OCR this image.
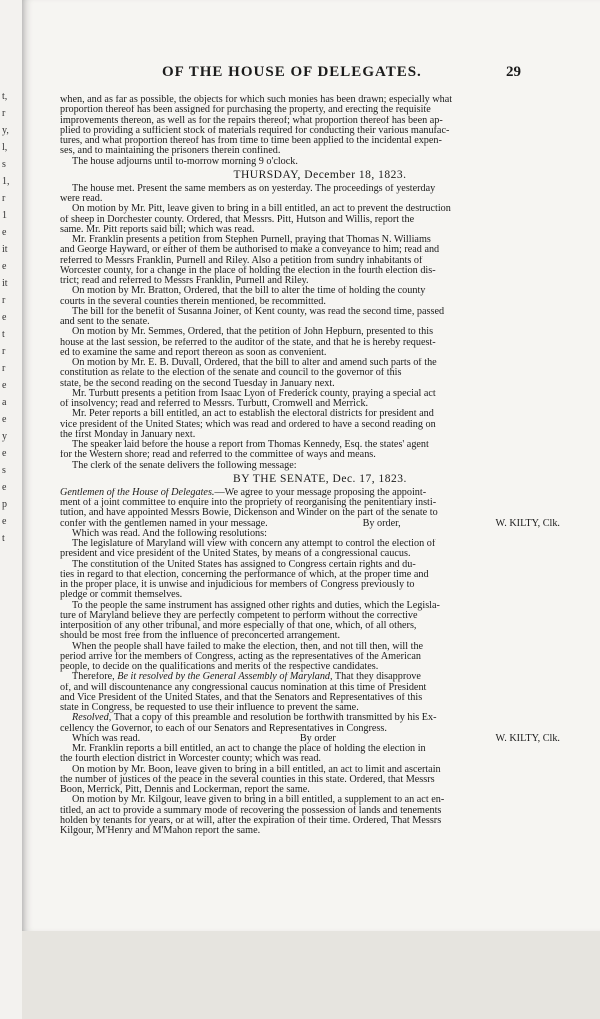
t,
r
y,
l,
s
1,
r
1
e
it
e
it
r
e
t
r
r
e
a
e
y
e
s
e
p
e
t
OF THE HOUSE OF DELEGATES.	29

when, and as far as possible, the objects for which such monies has been drawn; especially what

proportion thereof has been assigned for purchasing the property, and erecting the requisite

improvements thereon, as well as for the repairs thereof; what proportion thereof has been ap-

plied to providing a sufficient stock of materials required for conducting their various manufac-

tures, and what proportion thereof has from time to time been applied to the incidental expen-

ses, and to maintaining the prisoners therein confined.

The house adjourns until to-morrow morning 9 o'clock.

THURSDAY, December 18, 1823.

The house met. Present the same members as on yesterday. The proceedings of yesterday

were read.

On motion by Mr. Pitt, leave given to bring in a bill entitled, an act to prevent the destruction

of sheep in Dorchester county. Ordered, that Messrs. Pitt, Hutson and Willis, report the

same. Mr. Pitt reports said bill; which was read.

Mr. Franklin presents a petition from Stephen Purnell, praying that Thomas N. Williams

and George Hayward, or either of them be authorised to make a conveyance to him; read and

referred to Messrs Franklin, Purnell and Riley. Also a petition from sundry inhabitants of

Worcester county, for a change in the place of holding the election in the fourth election dis-

trict; read and referred to Messrs Franklin, Purnell and Riley.

On motion by Mr. Bratton, Ordered, that the bill to alter the time of holding the county

courts in the several counties therein mentioned, be recommitted.

The bill for the benefit of Susanna Joiner, of Kent county, was read the second time, passed

and sent to the senate.

On motion by Mr. Semmes, Ordered, that the petition of John Hepburn, presented to this

house at the last session, be referred to the auditor of the state, and that he is hereby request-

ed to examine the same and report thereon as soon as convenient.

On motion by Mr. E. B. Duvall, Ordered, that the bill to alter and amend such parts of the

constitution as relate to the election of the senate and council to the governor of this

state, be the second reading on the second Tuesday in January next.

Mr. Turbutt presents a petition from Isaac Lyon of Frederick county, praying a special act

of insolvency; read and referred to Messrs. Turbutt, Cromwell and Merrick.

Mr. Peter reports a bill entitled, an act to establish the electoral districts for president and

vice president of the United States; which was read and ordered to have a second reading on

the first Monday in January next.

The speaker laid before the house a report from Thomas Kennedy, Esq. the states' agent

for the Western shore; read and referred to the committee of ways and means.

The clerk of the senate delivers the following message:

BY THE SENATE, Dec. 17, 1823.

Gentlemen of the House of Delegates.—We agree to your message proposing the appoint-

ment of a joint committee to enquire into the propriety of reorganising the penitentiary insti-

tution, and have appointed Messrs Bowie, Dickenson and Winder on the part of the senate to

confer with the gentlemen named in your message.	By order,	W. KILTY, Clk.

Which was read. And the following resolutions:

The legislature of Maryland will view with concern any attempt to control the election of

president and vice president of the United States, by means of a congressional caucus.

The constitution of the United States has assigned to Congress certain rights and du-

ties in regard to that election, concerning the performance of which, at the proper time and

in the proper place, it is unwise and injudicious for members of Congress previously to

pledge or commit themselves.

To the people the same instrument has assigned other rights and duties, which the Legisla-

ture of Maryland believe they are perfectly competent to perform without the corrective

interposition of any other tribunal, and more especially of that one, which, of all others,

should be most free from the influence of preconcerted arrangement.

When the people shall have failed to make the election, then, and not till then, will the

period arrive for the members of Congress, acting as the representatives of the American

people, to decide on the qualifications and merits of the respective candidates.

Therefore, Be it resolved by the General Assembly of Maryland, That they disapprove

of, and will discountenance any congressional caucus nomination at this time of President

and Vice President of the United States, and that the Senators and Representatives of this

state in Congress, be requested to use their influence to prevent the same.

Resolved, That a copy of this preamble and resolution be forthwith transmitted by his Ex-

cellency the Governor, to each of our Senators and Representatives in Congress.

Which was read.	By order	W. KILTY, Clk.

Mr. Franklin reports a bill entitled, an act to change the place of holding the election in

the fourth election district in Worcester county; which was read.

On motion by Mr. Boon, leave given to bring in a bill entitled, an act to limit and ascertain

the number of justices of the peace in the several counties in this state. Ordered, that Messrs

Boon, Merrick, Pitt, Dennis and Lockerman, report the same.

On motion by Mr. Kilgour, leave given to bring in a bill entitled, a supplement to an act en-

titled, an act to provide a summary mode of recovering the possession of lands and tenements

holden by tenants for years, or at will, after the expiration of their time. Ordered, That Messrs

Kilgour, M'Henry and M'Mahon report the same.
